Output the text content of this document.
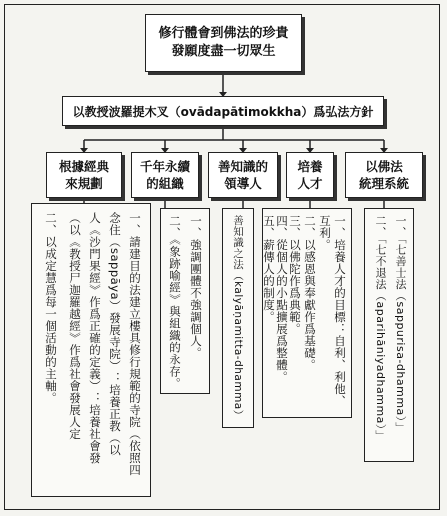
修行體會到佛法的珍貴
發願度盡一切眾生
以教授波羅提木叉（ovādapātimokkha）爲弘法方針
根據經典
來規劃
千年永續
的組織
善知識的
領導人
培養
人才
以佛法
統理系統
一、請建目的法建立樓具修行規範的寺院（依照四
念住（sappāya）發展寺院）：培養正教（以
人《沙門果經》作爲正確的定義）：培養社會發
（以《教授尸迦羅越經》作爲社會發展人定
二、以成定慧爲每一個活動的主軸。	一、強調團體不強調個人。
二、《象跡喻經》與組織的永存。	善知識之法（kalyāṇamitta-dhamma）	一、培養人才的目標：自利、利他、
互利。
二、以感恩與奉獻作爲基礎。
三、以佛陀作爲典範。
四、從個人的小點擴展爲整體。
五、薪傳人的制度。	一、「七善士法（sappurisa-dhamma）」
二、「七不退法（aparihāniyadhamma）」
